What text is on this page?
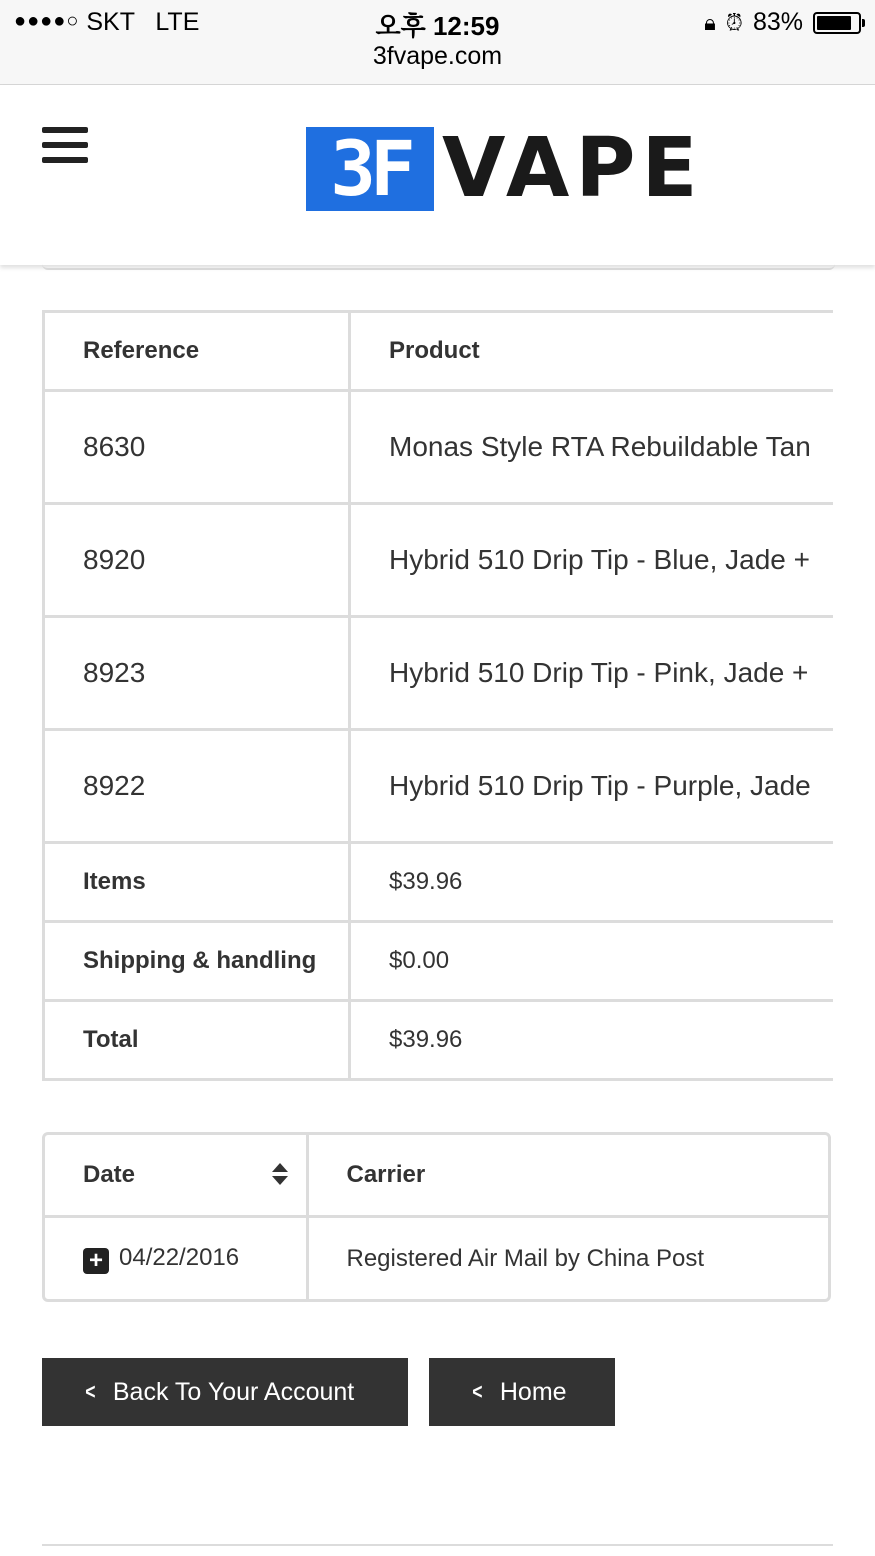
●●●●○ SKT LTE	오후 12:59
3fvape.com
🔒︎ ⏰︎ 83%
3F VAPE
Reference	Product
8630	Monas Style RTA Rebuildable Tan
8920	Hybrid 510 Drip Tip - Blue, Jade +
8923	Hybrid 510 Drip Tip - Pink, Jade +
8922	Hybrid 510 Drip Tip - Purple, Jade
Items	$39.96
Shipping & handling	$0.00
Total	$39.96
Date	Carrier
+ 04/22/2016	Registered Air Mail by China Post
< Back To Your Account	< Home
